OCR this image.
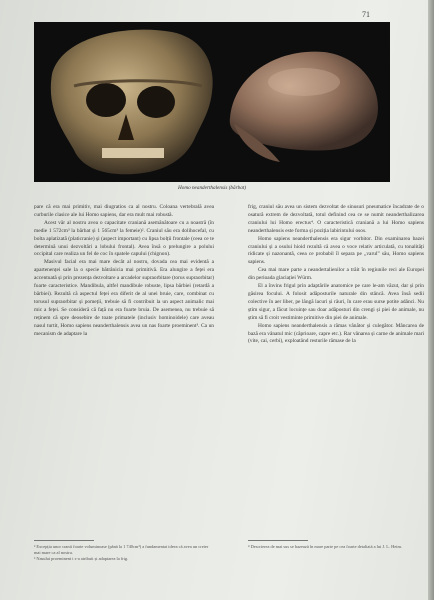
71
Homo neanderthalensis (bărbat)

pare că era mai primitiv, mai diugratios ca al nostru. Coloana vertebrală avea curburile clasice ale lui Homo sapiens, dar era mult mai robustă.

Acest văr al nostru avea o capacitate craniană asemănătoare cu a noastră (în medie 1 572cm³ la bărbat și 1 565cm³ la femeie)². Craniul său era dolihocefal, cu bolta aplatizată (platicranie) și (aspect important) cu lipsa bolții frontale (ceea ce te determină unui dezvoltări a lobului frontal). Avea însă o prelungire a polului occipital care realiza un fel de coc în spatele capului (chignon).

Masivul facial era mai mare decât al nostru, dovada cea mai evidentă a apartenenței sale la o specie bătrânicia mai primitivă. Era alungire a feței era accentuată și prin prezența dezvoltare a arcadelor supraorbitare (torus supraorbitar) foarte caracteristice. Mandibula, altfel mandibule robuste, lipsa bărbiei (retardă a bărbiei). Rezultă că aspectul feței era diferit de al unei bruie, care, combinat cu torusul supraorbitar și pomeții, trebuie să fi contribuit la un aspect animalic mai mic a feței. Se consideră că față nu era foarte bruia. De asemenea, nu trebuie să reținem că spre deosebire de toate primatele (inclusiv hominoidele) care aveau nasul turtit, Homo sapiens neanderthalensis avea un nas foarte proeminent³. Ca un mecanism de adaptare la

frig, craniul său avea un sistem dezvoltat de sinusuri pneumatice încadrate de o osatură extrem de dezvoltată, totul definind cea ce se numit neanderthalizarea craniului lui Homo erectus⁴. O caracteristică craniană a lui Homo sapiens neanderthalensis este forma și poziția labirintului osos.

Homo sapiens neanderthalensis era sigur vorbitor. Din examinarea bazei craniului și a osului hioid rezultă că avea o voce relativ articulată, cu tonalități ridicate și nazonantă, ceea ce probabil îl separa pe „varul” său, Homo sapiens sapiens.

Cea mai mare parte a neandertalienilor a trăit în regiunile reci ale Europei din perioada glaciației Würm.

El a învins frigul prin adaptările anatomice pe care le-am văzut, dar și prin găsirea focului. A folosit adăposturile naturale din stâncă. Avea însă sedii colective în aer liber, pe lângă lacuri și râuri, în care erau surse potite adânci. Nu știm sigur, a făcut locuințe sau doar adăposturi din crengi și piei de animale, nu știm să fi croit vestiminte primitive din piei de animale.

Homo sapiens neanderthalensis a rămas vânător și culegător. Mâncarea de bază era vânatul mic (căprioare, capre etc.). Rar vânarea și carne de animale mari (vite, cai, cerbi), exploatând resturile rămase de la

² Excepția unor cranii foarte voluminoase (până la 1 740cm³) a fundamentat ideea că avea un creier mai mare ca al nostru.

³ Nasului proeminent i s-a atribuit și adaptarea la frig.

⁴ Descrierea de mai sus se bazează în mare parte pe cea foarte detaliată a lui J. L. Heim.
